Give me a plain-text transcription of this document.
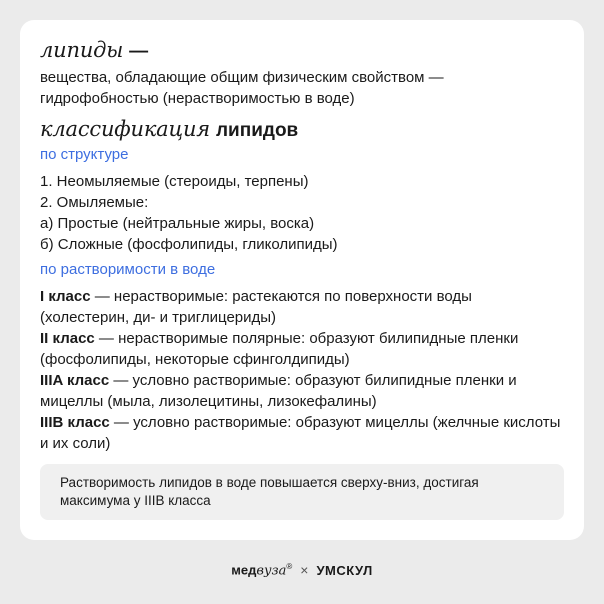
липиды —
вещества, обладающие общим физическим свойством —
гидрофобностью (нерастворимостью в воде)
классификация липидов
по структуре
1. Неомыляемые (стероиды, терпены)
2. Омыляемые:
а) Простые (нейтральные жиры, воска)
б) Сложные (фосфолипиды, гликолипиды)
по растворимости в воде
I класс — нерастворимые: растекаются по поверхности воды
(холестерин, ди- и триглицериды)
II класс — нерастворимые полярные: образуют билипидные пленки
(фосфолипиды, некоторые сфинголдипиды)
IIIA класс — условно растворимые: образуют билипидные пленки и
мицеллы (мыла, лизолецитины, лизокефалины)
IIIB класс — условно растворимые: образуют мицеллы (желчные кислоты
и их соли)
Растворимость липидов в воде повышается сверху-вниз, достигая
максимума у IIIB класса
медвуза® × УМСКУЛ
